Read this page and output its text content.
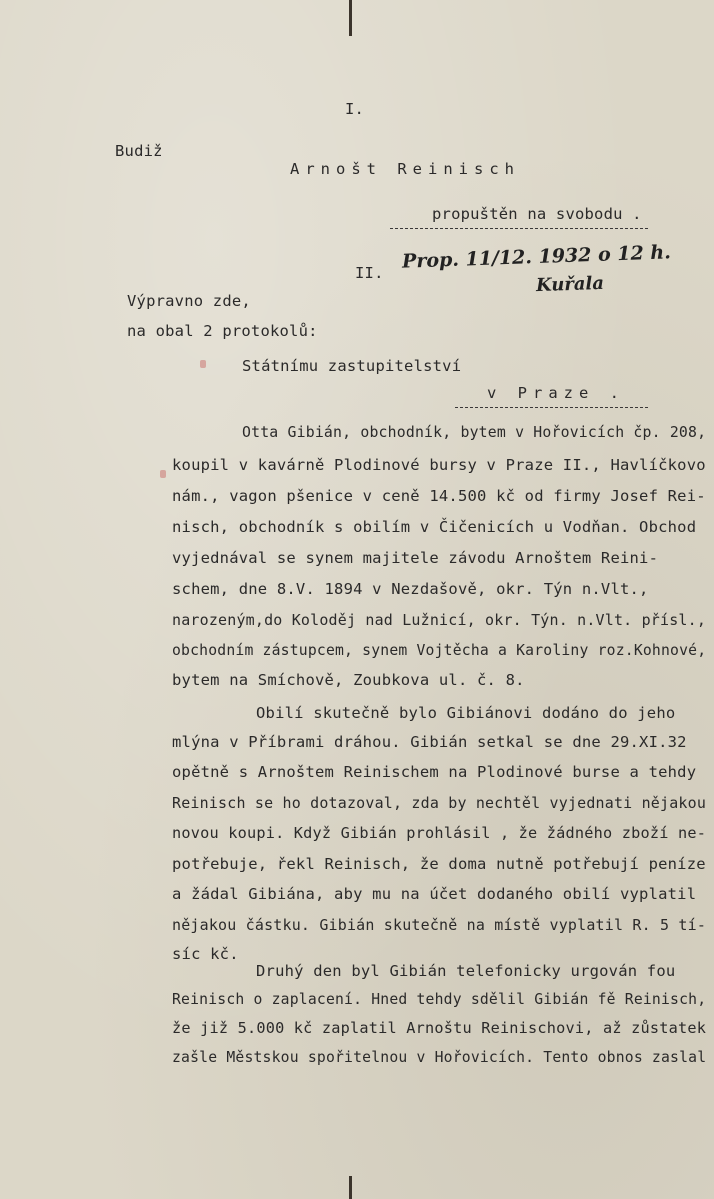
I.
Budiž
Arnošt Reinisch
propuštěn na svobodu .
II.
Prop. 11/12. 1932 o 12 h.
Kuřala
Výpravno zde,
na obal 2 protokolů:
Státnímu zastupitelství
v Praze .
Otta Gibián, obchodník, bytem v Hořovicích čp. 208,
koupil v kavárně Plodinové bursy v Praze II., Havlíčkovo
nám., vagon pšenice v ceně 14.500 kč od firmy Josef Rei-
nisch, obchodník s obilím v Čičenicích u Vodňan. Obchod
vyjednával se synem majitele závodu Arnoštem Reini-
schem, dne 8.V. 1894 v Nezdašově, okr. Týn n.Vlt.,
narozeným,do Koloděj nad Lužnicí, okr. Týn. n.Vlt. přísl.,
obchodním zástupcem, synem Vojtěcha a Karoliny roz.Kohnové,
bytem na Smíchově, Zoubkova ul. č. 8.
Obilí skutečně bylo Gibiánovi dodáno do jeho
mlýna v Příbrami dráhou. Gibián setkal se dne 29.XI.32
opětně s Arnoštem Reinischem na Plodinové burse a tehdy
Reinisch se ho dotazoval, zda by nechtěl vyjednati nějakou
novou koupi. Když Gibián prohlásil , že žádného zboží ne-
potřebuje, řekl Reinisch, že doma nutně potřebují peníze
a žádal Gibiána, aby mu na účet dodaného obilí vyplatil
nějakou částku. Gibián skutečně na místě vyplatil R. 5 tí-
síc kč.
Druhý den byl Gibián telefonicky urgován fou
Reinisch o zaplacení. Hned tehdy sdělil Gibián fě Reinisch,
že již 5.000 kč zaplatil Arnoštu Reinischovi, až zůstatek
zašle Městskou spořitelnou v Hořovicích. Tento obnos zaslal
